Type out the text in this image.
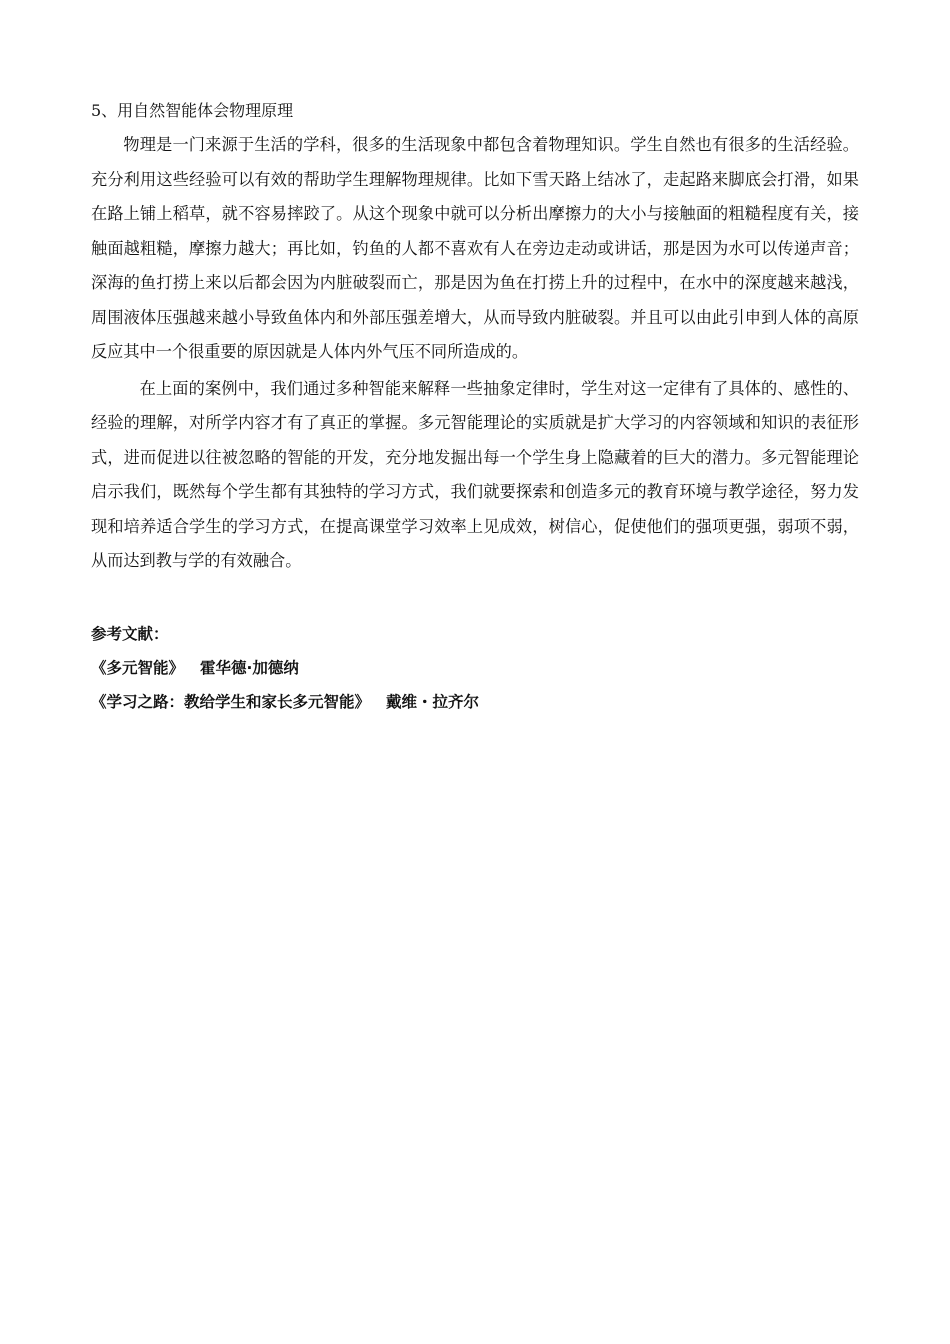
5、用自然智能体会物理原理

物理是一门来源于生活的学科，很多的生活现象中都包含着物理知识。学生自然也有很多的生活经验。充分利用这些经验可以有效的帮助学生理解物理规律。比如下雪天路上结冰了，走起路来脚底会打滑，如果在路上铺上稻草，就不容易摔跤了。从这个现象中就可以分析出摩擦力的大小与接触面的粗糙程度有关，接触面越粗糙，摩擦力越大；再比如，钓鱼的人都不喜欢有人在旁边走动或讲话，那是因为水可以传递声音；深海的鱼打捞上来以后都会因为内脏破裂而亡，那是因为鱼在打捞上升的过程中，在水中的深度越来越浅，周围液体压强越来越小导致鱼体内和外部压强差增大，从而导致内脏破裂。并且可以由此引申到人体的高原反应其中一个很重要的原因就是人体内外气压不同所造成的。

在上面的案例中，我们通过多种智能来解释一些抽象定律时，学生对这一定律有了具体的、感性的、经验的理解，对所学内容才有了真正的掌握。多元智能理论的实质就是扩大学习的内容领域和知识的表征形式，进而促进以往被忽略的智能的开发，充分地发掘出每一个学生身上隐藏着的巨大的潜力。多元智能理论启示我们，既然每个学生都有其独特的学习方式，我们就要探索和创造多元的教育环境与教学途径，努力发现和培养适合学生的学习方式，在提高课堂学习效率上见成效，树信心，促使他们的强项更强，弱项不弱，从而达到教与学的有效融合。

参考文献：
《多元智能》 霍华德·加德纳
《学习之路：教给学生和家长多元智能》 戴维・拉齐尔
